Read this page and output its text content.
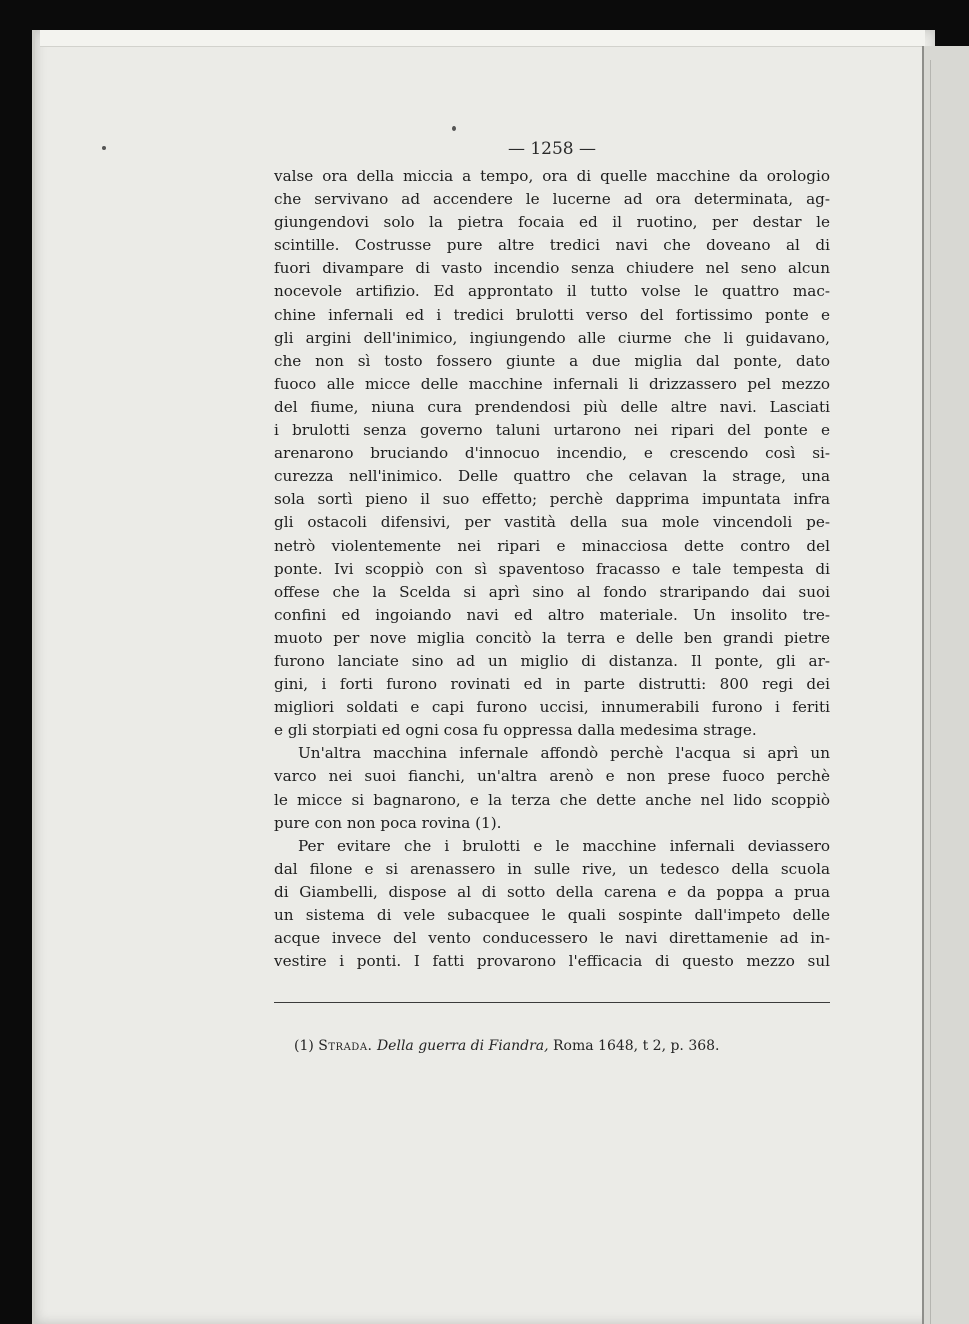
— 1258 —
valse ora della miccia a tempo, ora di quelle macchine da orologio
che servivano ad accendere le lucerne ad ora determinata, ag-
giungendovi solo la pietra focaia ed il ruotino, per destar le
scintille. Costrusse pure altre tredici navi che doveano al di
fuori divampare di vasto incendio senza chiudere nel seno alcun
nocevole artifizio. Ed approntato il tutto volse le quattro mac-
chine infernali ed i tredici brulotti verso del fortissimo ponte e
gli argini dell'inimico, ingiungendo alle ciurme che li guidavano,
che non sì tosto fossero giunte a due miglia dal ponte, dato
fuoco alle micce delle macchine infernali li drizzassero pel mezzo
del fiume, niuna cura prendendosi più delle altre navi. Lasciati
i brulotti senza governo taluni urtarono nei ripari del ponte e
arenarono bruciando d'innocuo incendio, e crescendo così si-
curezza nell'inimico. Delle quattro che celavan la strage, una
sola sortì pieno il suo effetto; perchè dapprima impuntata infra
gli ostacoli difensivi, per vastità della sua mole vincendoli pe-
netrò violentemente nei ripari e minacciosa dette contro del
ponte. Ivi scoppiò con sì spaventoso fracasso e tale tempesta di
offese che la Scelda si aprì sino al fondo straripando dai suoi
confini ed ingoiando navi ed altro materiale. Un insolito tre-
muoto per nove miglia concitò la terra e delle ben grandi pietre
furono lanciate sino ad un miglio di distanza. Il ponte, gli ar-
gini, i forti furono rovinati ed in parte distrutti: 800 regi dei
migliori soldati e capi furono uccisi, innumerabili furono i feriti
e gli storpiati ed ogni cosa fu oppressa dalla medesima strage.
Un'altra macchina infernale affondò perchè l'acqua si aprì un
varco nei suoi fianchi, un'altra arenò e non prese fuoco perchè
le micce si bagnarono, e la terza che dette anche nel lido scoppiò
pure con non poca rovina (1).
Per evitare che i brulotti e le macchine infernali deviassero
dal filone e si arenassero in sulle rive, un tedesco della scuola
di Giambelli, dispose al di sotto della carena e da poppa a prua
un sistema di vele subacquee le quali sospinte dall'impeto delle
acque invece del vento conducessero le navi direttamenie ad in-
vestire i ponti. I fatti provarono l'efficacia di questo mezzo sul
(1) Strada. Della guerra di Fiandra, Roma 1648, t 2, p. 368.
